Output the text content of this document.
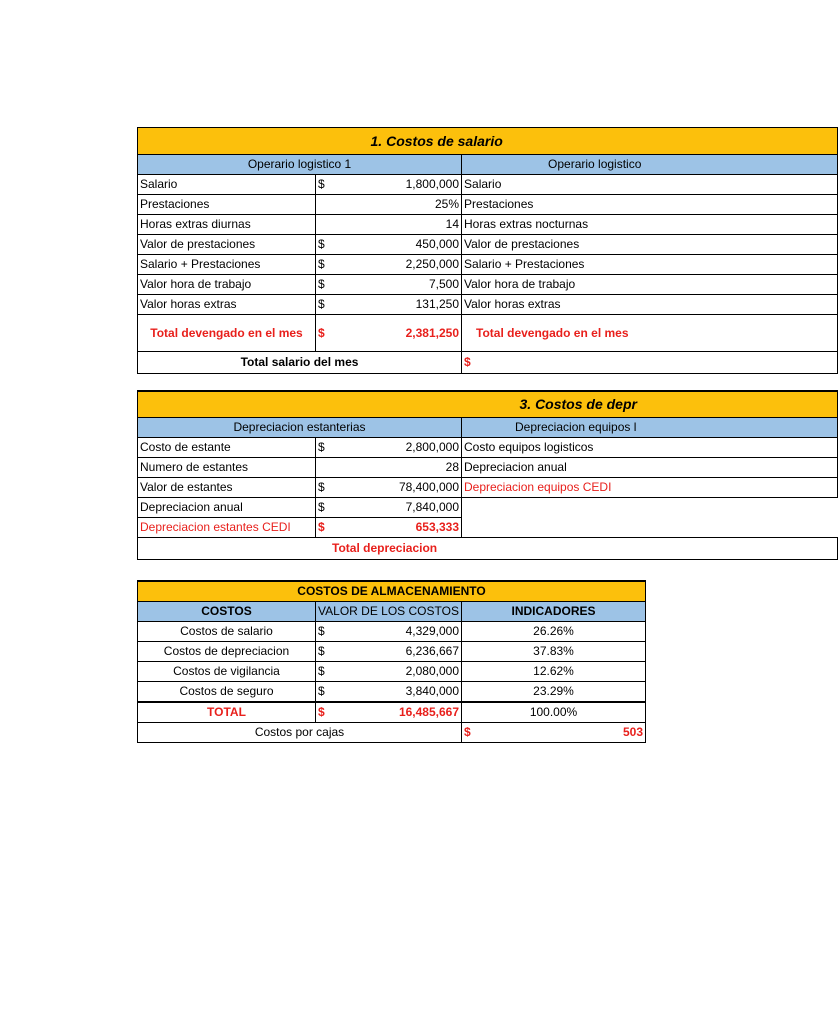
			1. Costos de salario
Operario logistico 1			Operario logistico
Salario	$	1,800,000	Salario
Prestaciones		25%	Prestaciones
Horas extras diurnas		14	Horas extras nocturnas
Valor de prestaciones	$	450,000	Valor de prestaciones
Salario + Prestaciones	$	2,250,000	Salario + Prestaciones
Valor hora de trabajo	$	7,500	Valor hora de trabajo
Valor horas extras	$	131,250	Valor horas extras
Total devengado en el mes	$	2,381,250	Total devengado en el mes
Total salario del mes			$
			3. Costos de depr
Depreciacion estanterias			Depreciacion equipos l
Costo de estante	$	2,800,000	Costo equipos logisticos
Numero de estantes		28	Depreciacion anual
Valor de estantes	$	78,400,000	Depreciacion equipos CEDI
Depreciacion anual	$	7,840,000	
Depreciacion estantes CEDI	$	653,333	
Total depreciacion			
COSTOS DE ALMACENAMIENTO			
COSTOS	VALOR DE LOS COSTOS		INDICADORES
Costos de salario	$	4,329,000	26.26%
Costos de depreciacion	$	6,236,667	37.83%
Costos de vigilancia	$	2,080,000	12.62%
Costos de seguro	$	3,840,000	23.29%
TOTAL	$	16,485,667	100.00%
Costos por cajas			$ 503
